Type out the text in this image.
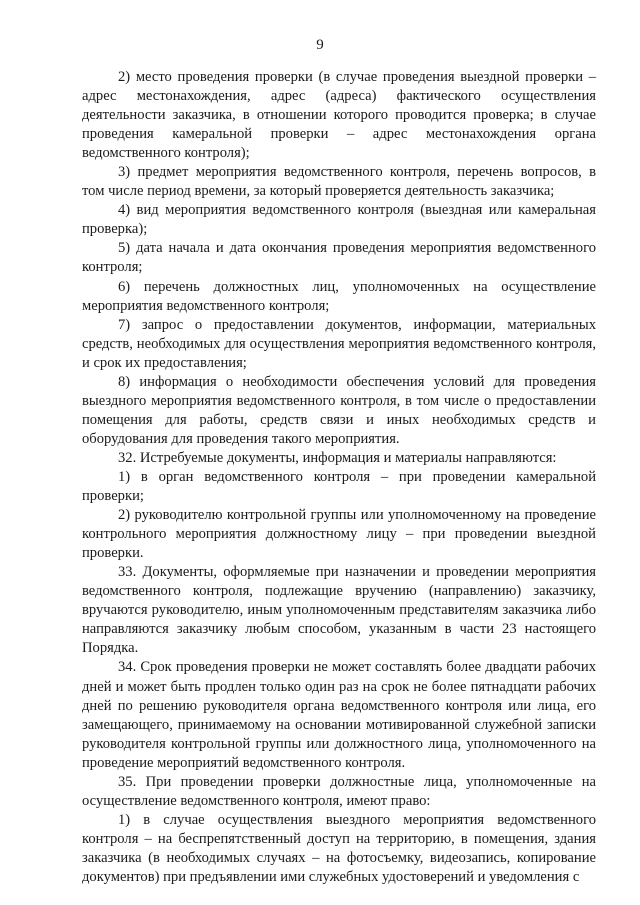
9

2) место проведения проверки (в случае проведения выездной проверки – адрес местонахождения, адрес (адреса) фактического осуществления деятельности заказчика, в отношении которого проводится проверка; в случае проведения камеральной проверки – адрес местонахождения органа ведомственного контроля);

3) предмет мероприятия ведомственного контроля, перечень вопросов, в том числе период времени, за который проверяется деятельность заказчика;

4) вид мероприятия ведомственного контроля (выездная или камеральная проверка);

5) дата начала и дата окончания проведения мероприятия ведомственного контроля;

6) перечень должностных лиц, уполномоченных на осуществление мероприятия ведомственного контроля;

7) запрос о предоставлении документов, информации, материальных средств, необходимых для осуществления мероприятия ведомственного контроля, и срок их предоставления;

8) информация о необходимости обеспечения условий для проведения выездного мероприятия ведомственного контроля, в том числе о предоставлении помещения для работы, средств связи и иных необходимых средств и оборудования для проведения такого мероприятия.

32. Истребуемые документы, информация и материалы направляются:

1) в орган ведомственного контроля – при проведении камеральной проверки;

2) руководителю контрольной группы или уполномоченному на проведение контрольного мероприятия должностному лицу – при проведении выездной проверки.

33. Документы, оформляемые при назначении и проведении мероприятия ведомственного контроля, подлежащие вручению (направлению) заказчику, вручаются руководителю, иным уполномоченным представителям заказчика либо направляются заказчику любым способом, указанным в части 23 настоящего Порядка.

34. Срок проведения проверки не может составлять более двадцати рабочих дней и может быть продлен только один раз на срок не более пятнадцати рабочих дней по решению руководителя органа ведомственного контроля или лица, его замещающего, принимаемому на основании мотивированной служебной записки руководителя контрольной группы или должностного лица, уполномоченного на проведение мероприятий ведомственного контроля.

35. При проведении проверки должностные лица, уполномоченные на осуществление ведомственного контроля, имеют право:

1) в случае осуществления выездного мероприятия ведомственного контроля – на беспрепятственный доступ на территорию, в помещения, здания заказчика (в необходимых случаях – на фотосъемку, видеозапись, копирование документов) при предъявлении ими служебных удостоверений и уведомления с
